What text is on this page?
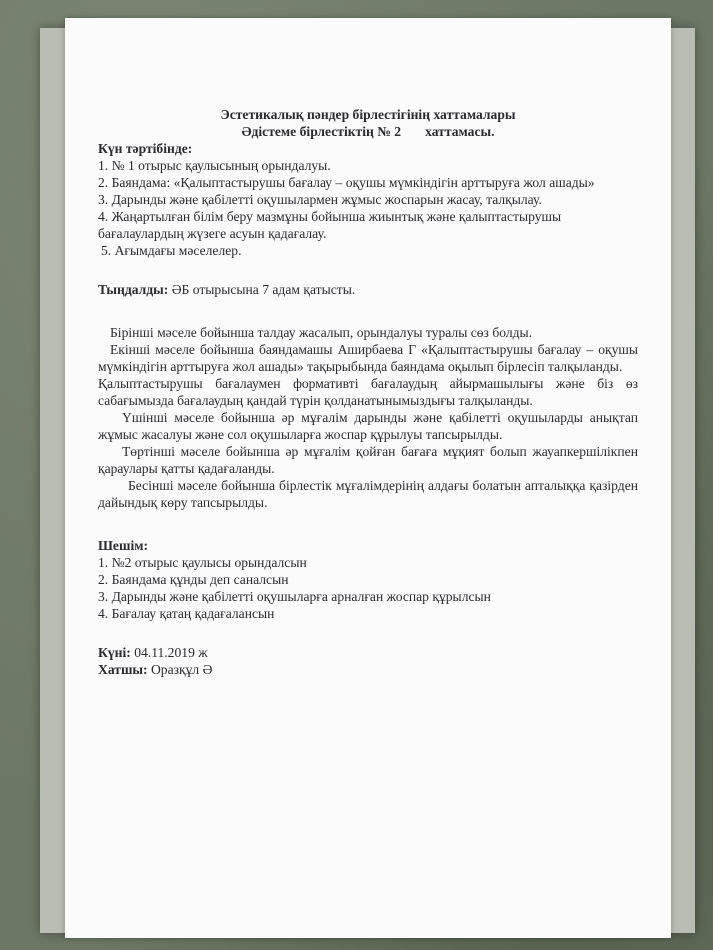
Эстетикалық пәндер бірлестігінің хаттамалары

Әдістеме бірлестіктің № 2 хаттамасы.

Күн тәртібінде:

1. № 1 отырыс қаулысының орындалуы.

2. Баяндама: «Қалыптастырушы бағалау – оқушы мүмкіндігін арттыруға жол ашады»

3. Дарынды және қабілетті оқушылармен жұмыс жоспарын жасау, талқылау.

4. Жаңартылған білім беру мазмұны бойынша жиынтық және қалыптастырушы бағалаулардың жүзеге асуын қадағалау.

5. Ағымдағы мәселелер.

Тыңдалды: ӘБ отырысына 7 адам қатысты.

Бірінші мәселе бойынша талдау жасалып, орындалуы туралы сөз болды.

Екінші мәселе бойынша баяндамашы Аширбаева Г «Қалыптастырушы бағалау – оқушы мүмкіндігін арттыруға жол ашады» тақырыбында баяндама оқылып бірлесіп талқыланды.

Қалыптастырушы бағалаумен формативті бағалаудың айырмашылығы және біз өз сабағымызда бағалаудың қандай түрін қолданатынымыздығы талқыланды.

Үшінші мәселе бойынша әр мұғалім дарынды және қабілетті оқушыларды анықтап жұмыс жасалуы және сол оқушыларға жоспар құрылуы тапсырылды.

Төртінші мәселе бойынша әр мұғалім қойған бағаға мұқият болып жауапкершілікпен қараулары қатты қадағаланды.

Бесінші мәселе бойынша бірлестік мұғалімдерінің алдағы болатын апталыққа қазірден дайындық көру тапсырылды.

Шешім:

1. №2 отырыс қаулысы орындалсын

2. Баяндама құнды деп саналсын

3. Дарынды және қабілетті оқушыларға арналған жоспар құрылсын

4. Бағалау қатаң қадағалансын

Күні: 04.11.2019 ж

Хатшы: Оразқұл Ә
